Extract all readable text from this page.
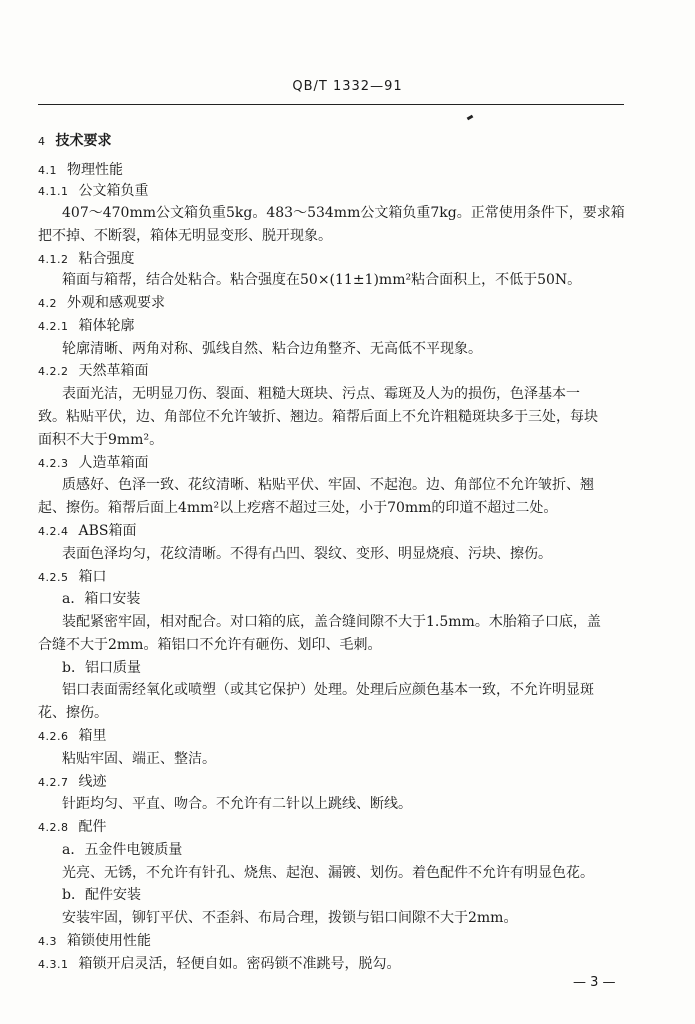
QB/T 1332—91
4 技术要求
4.1 物理性能
4.1.1 公文箱负重
407～470mm公文箱负重5kg。483～534mm公文箱负重7kg。正常使用条件下，要求箱
把不掉、不断裂，箱体无明显变形、脱开现象。
4.1.2 粘合强度
箱面与箱帮，结合处粘合。粘合强度在50×(11±1)mm²粘合面积上，不低于50N。
4.2 外观和感观要求
4.2.1 箱体轮廓
轮廓清晰、两角对称、弧线自然、粘合边角整齐、无高低不平现象。
4.2.2 天然革箱面
表面光洁，无明显刀伤、裂面、粗糙大斑块、污点、霉斑及人为的损伤，色泽基本一
致。粘贴平伏，边、角部位不允许皱折、翘边。箱帮后面上不允许粗糙斑块多于三处，每块
面积不大于9mm²。
4.2.3 人造革箱面
质感好、色泽一致、花纹清晰、粘贴平伏、牢固、不起泡。边、角部位不允许皱折、翘
起、擦伤。箱帮后面上4mm²以上疙瘩不超过三处，小于70mm的印道不超过二处。
4.2.4 ABS箱面
表面色泽均匀，花纹清晰。不得有凸凹、裂纹、变形、明显烧痕、污块、擦伤。
4.2.5 箱口
a．箱口安装
装配紧密牢固，相对配合。对口箱的底，盖合缝间隙不大于1.5mm。木胎箱子口底，盖
合缝不大于2mm。箱铝口不允许有砸伤、划印、毛刺。
b．铝口质量
铝口表面需经氧化或喷塑（或其它保护）处理。处理后应颜色基本一致，不允许明显斑
花、擦伤。
4.2.6 箱里
粘贴牢固、端正、整洁。
4.2.7 线迹
针距均匀、平直、吻合。不允许有二针以上跳线、断线。
4.2.8 配件
a．五金件电镀质量
光亮、无锈，不允许有针孔、烧焦、起泡、漏镀、划伤。着色配件不允许有明显色花。
b．配件安装
安装牢固，铆钉平伏、不歪斜、布局合理，拨锁与铝口间隙不大于2mm。
4.3 箱锁使用性能
4.3.1 箱锁开启灵活，轻便自如。密码锁不准跳号，脱勾。
— 3 —
